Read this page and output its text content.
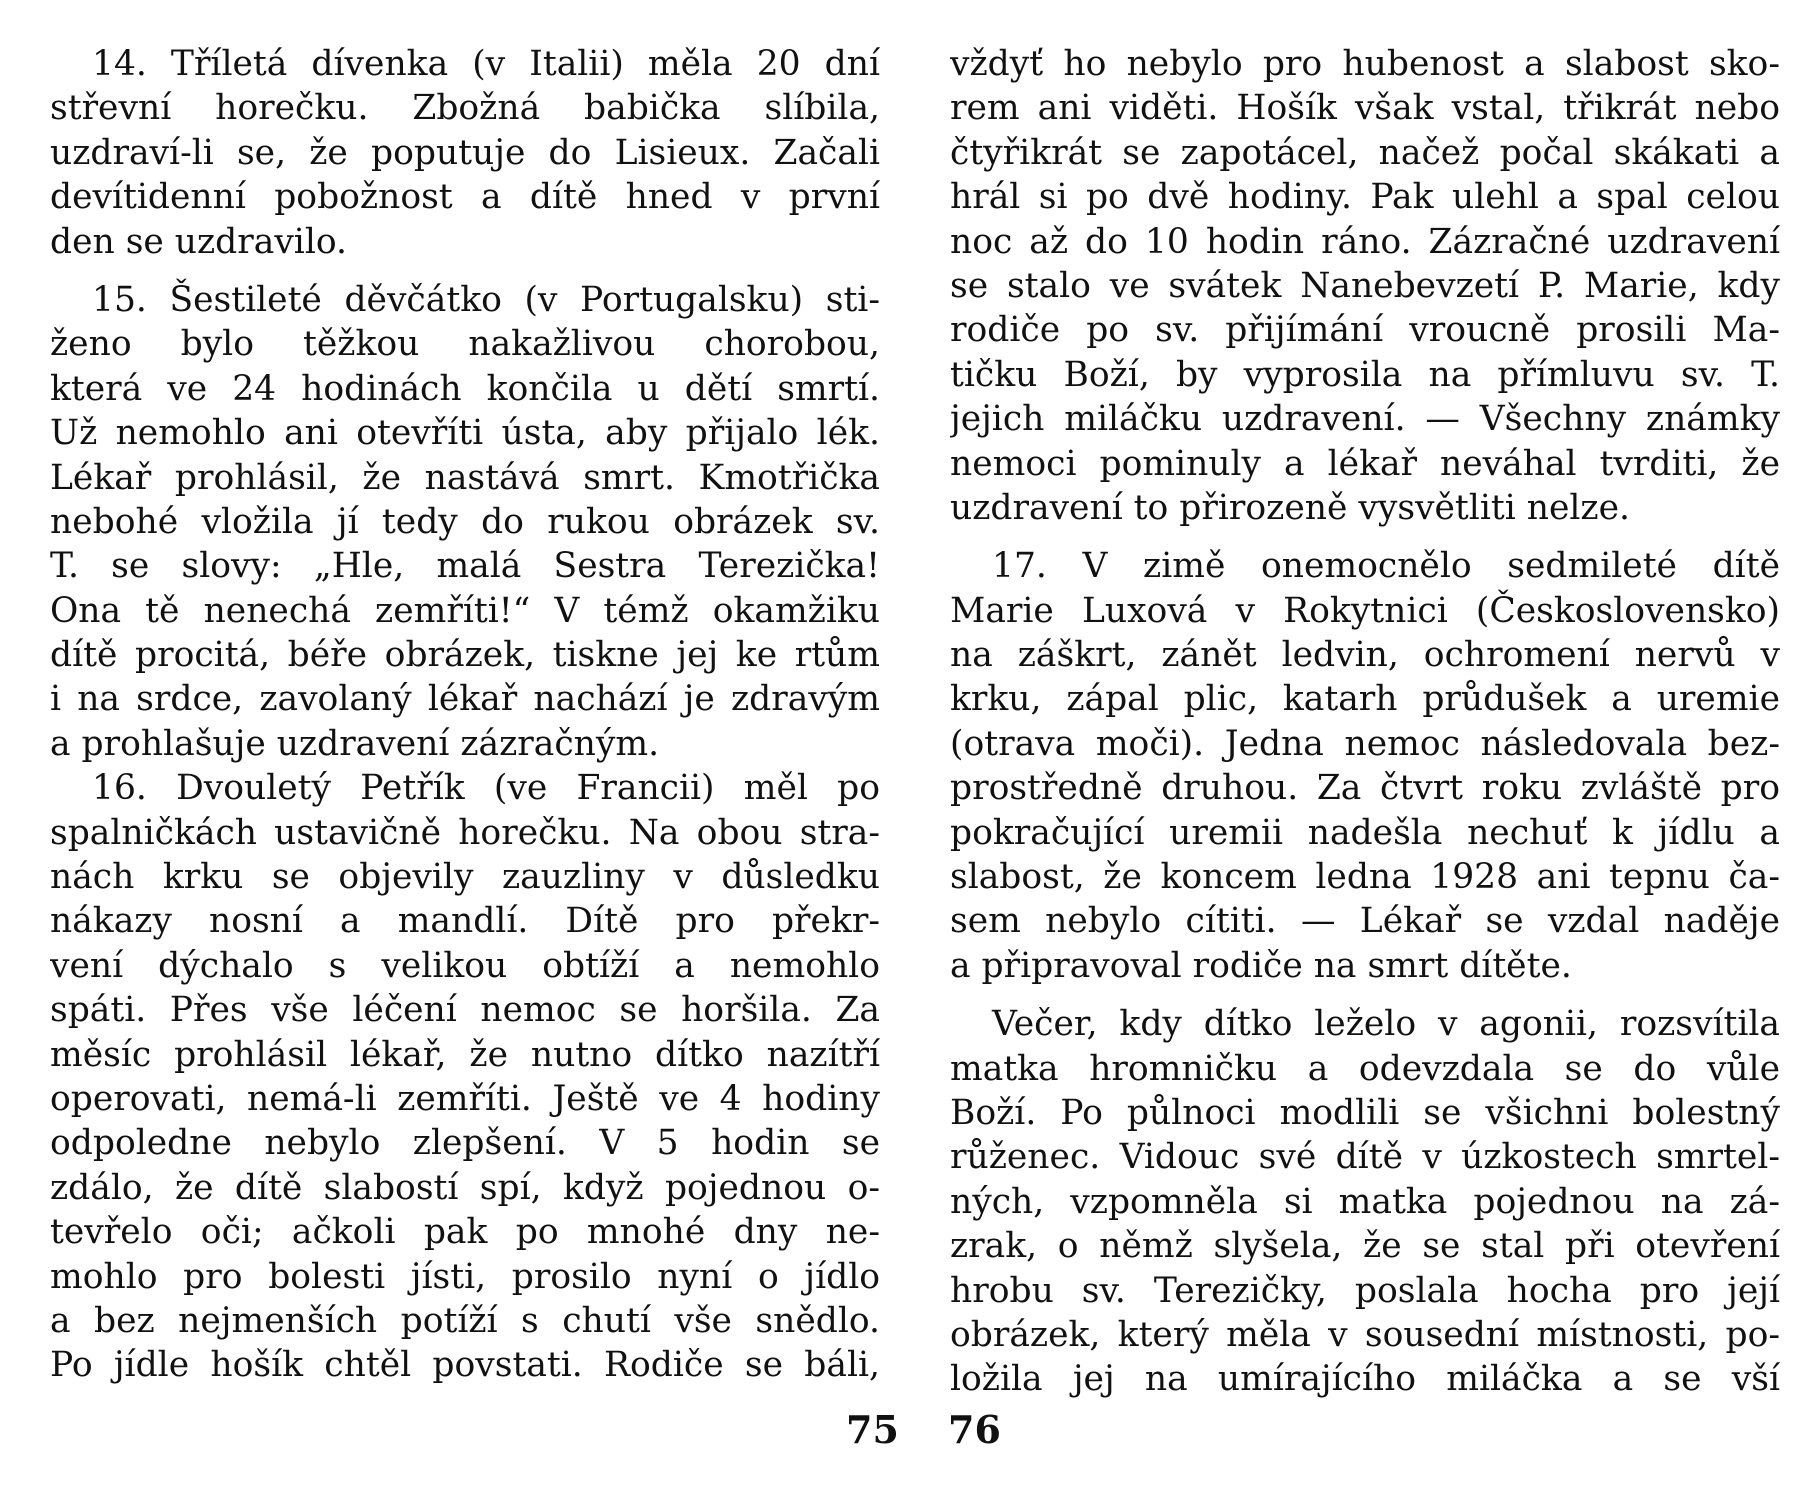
14. Tříletá dívenka (v Italii) měla 20 dní
střevní horečku. Zbožná babička slíbila,
uzdraví-li se, že poputuje do Lisieux. Začali
devítidenní pobožnost a dítě hned v první
den se uzdravilo.
15. Šestileté děvčátko (v Portugalsku) sti-
ženo bylo těžkou nakažlivou chorobou,
která ve 24 hodinách končila u dětí smrtí.
Už nemohlo ani otevříti ústa, aby přijalo lék.
Lékař prohlásil, že nastává smrt. Kmotřička
nebohé vložila jí tedy do rukou obrázek sv.
T. se slovy: „Hle, malá Sestra Terezička!
Ona tě nenechá zemříti!“ V témž okamžiku
dítě procitá, béře obrázek, tiskne jej ke rtům
i na srdce, zavolaný lékař nachází je zdravým
a prohlašuje uzdravení zázračným.
16. Dvouletý Petřík (ve Francii) měl po
spalničkách ustavičně horečku. Na obou stra-
nách krku se objevily zauzliny v důsledku
nákazy nosní a mandlí. Dítě pro překr-
vení dýchalo s velikou obtíží a nemohlo
spáti. Přes vše léčení nemoc se horšila. Za
měsíc prohlásil lékař, že nutno dítko nazítří
operovati, nemá-li zemříti. Ještě ve 4 hodiny
odpoledne nebylo zlepšení. V 5 hodin se
zdálo, že dítě slabostí spí, když pojednou o-
tevřelo oči; ačkoli pak po mnohé dny ne-
mohlo pro bolesti jísti, prosilo nyní o jídlo
a bez nejmenších potíží s chutí vše snědlo.
Po jídle hošík chtěl povstati. Rodiče se báli,
vždyť ho nebylo pro hubenost a slabost sko-
rem ani viděti. Hošík však vstal, třikrát nebo
čtyřikrát se zapotácel, načež počal skákati a
hrál si po dvě hodiny. Pak ulehl a spal celou
noc až do 10 hodin ráno. Zázračné uzdravení
se stalo ve svátek Nanebevzetí P. Marie, kdy
rodiče po sv. přijímání vroucně prosili Ma-
tičku Boží, by vyprosila na přímluvu sv. T.
jejich miláčku uzdravení. — Všechny známky
nemoci pominuly a lékař neváhal tvrditi, že
uzdravení to přirozeně vysvětliti nelze.
17. V zimě onemocnělo sedmileté dítě
Marie Luxová v Rokytnici (Československo)
na záškrt, zánět ledvin, ochromení nervů v
krku, zápal plic, katarh průdušek a uremie
(otrava moči). Jedna nemoc následovala bez-
prostředně druhou. Za čtvrt roku zvláště pro
pokračující uremii nadešla nechuť k jídlu a
slabost, že koncem ledna 1928 ani tepnu ča-
sem nebylo cítiti. — Lékař se vzdal naděje
a připravoval rodiče na smrt dítěte.
Večer, kdy dítko leželo v agonii, rozsvítila
matka hromničku a odevzdala se do vůle
Boží. Po půlnoci modlili se všichni bolestný
růženec. Vidouc své dítě v úzkostech smrtel-
ných, vzpomněla si matka pojednou na zá-
zrak, o němž slyšela, že se stal při otevření
hrobu sv. Terezičky, poslala hocha pro její
obrázek, který měla v sousední místnosti, po-
ložila jej na umírajícího miláčka a se vší
75 76
